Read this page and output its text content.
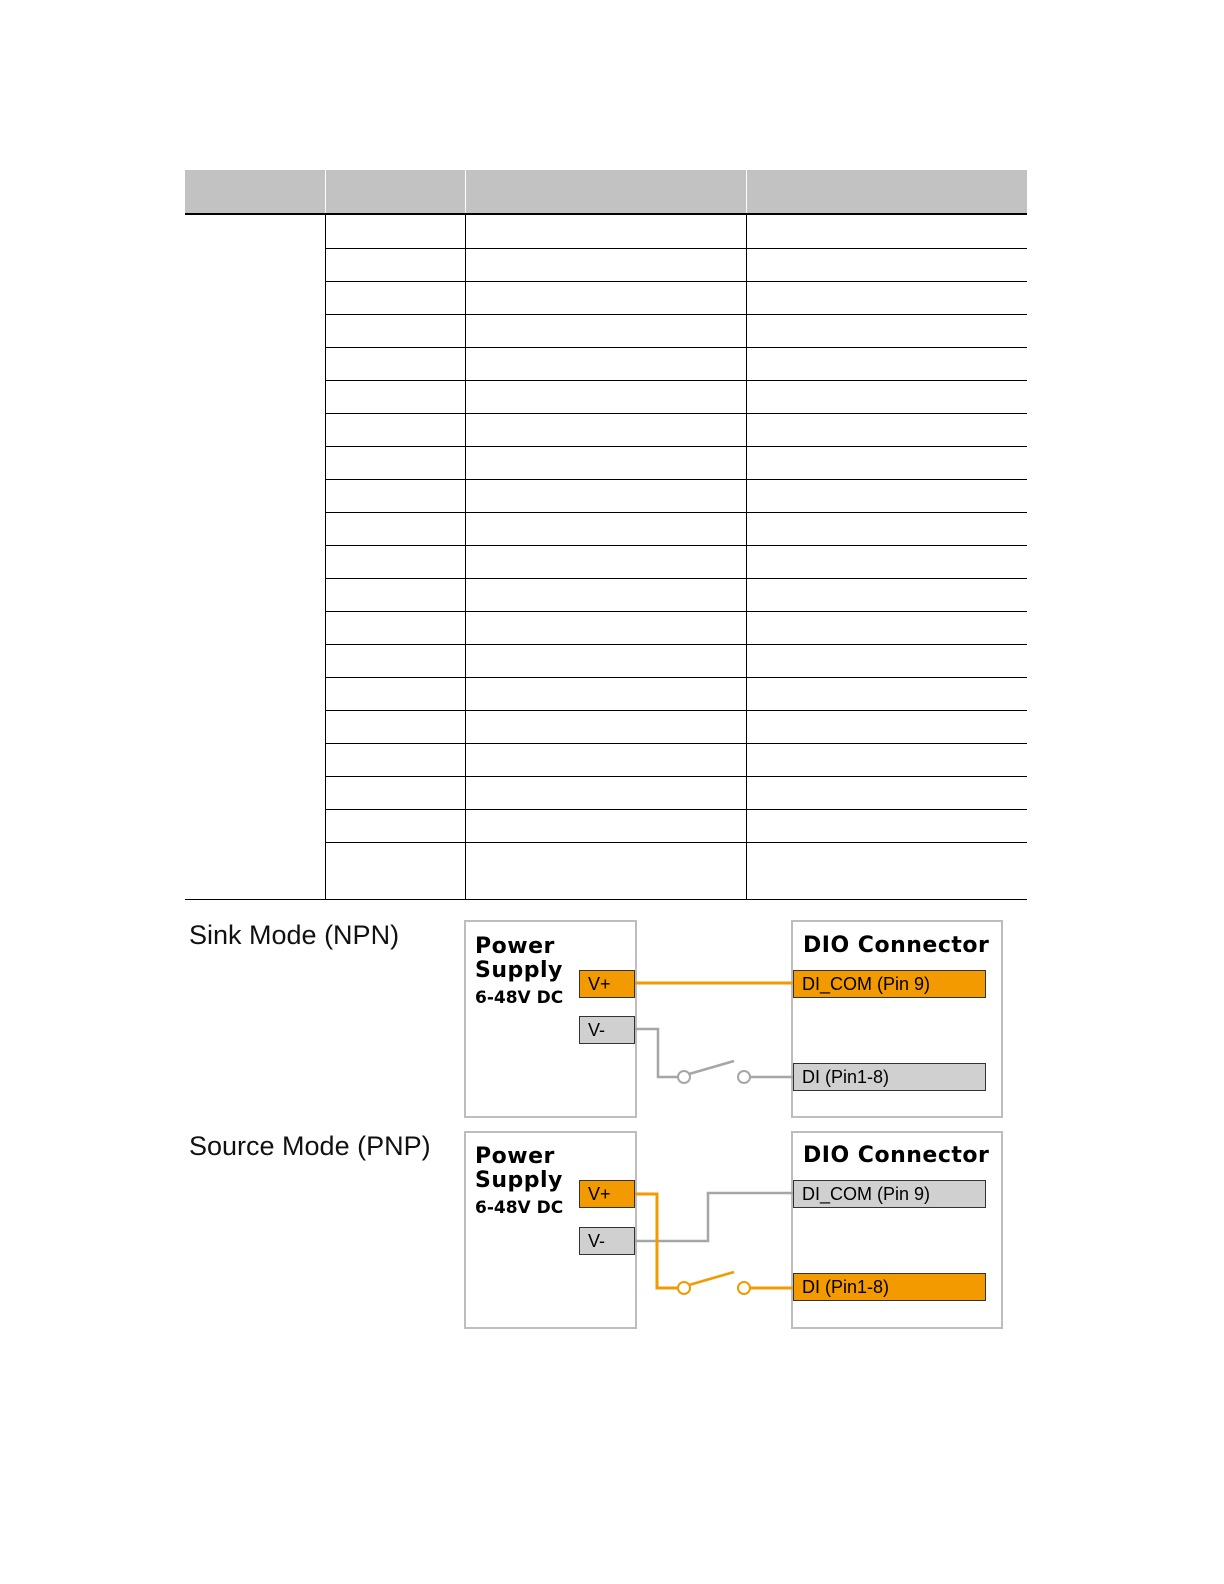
Sink Mode (NPN)	Power
Supply
6-48V DC
DIO Connector
V+
V-
DI_COM (Pin 9)
DI (Pin1-8)
Source Mode (PNP) Power
Supply
6-48V DC
DIO Connector
V+
V-
DI_COM (Pin 9)
DI (Pin1-8)
